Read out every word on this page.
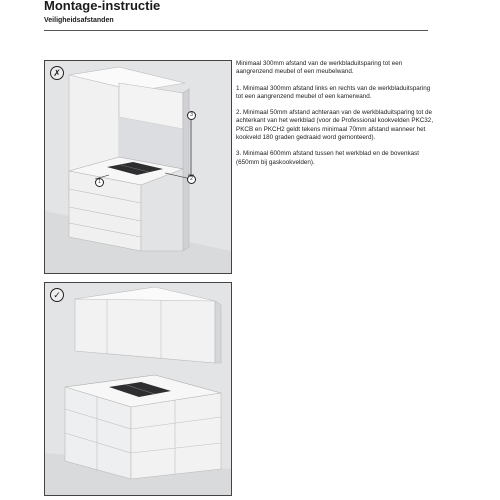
Montage-instructie
Veiligheidsafstanden
✗
3
2
1
✓

Minimaal 300mm afstand van de werkbladuitsparing tot een aangrenzend meubel of een meubelwand.

1. Minimaal 300mm afstand links en rechts van de werkbladuitsparing tot een aangrenzend meubel of een kamerwand.

2. Minimaal 50mm afstand achteraan van de werkbladuitsparing tot de achterkant van het werkblad (voor de Professional kookvelden PKC32, PKCB en PKCH2 geldt tekens minimaal 70mm afstand wanneer het kookveld 180 graden gedraaid word gemonteerd).

3. Minimaal 600mm afstand tussen het werkblad en de bovenkast (650mm bij gaskookvelden).
